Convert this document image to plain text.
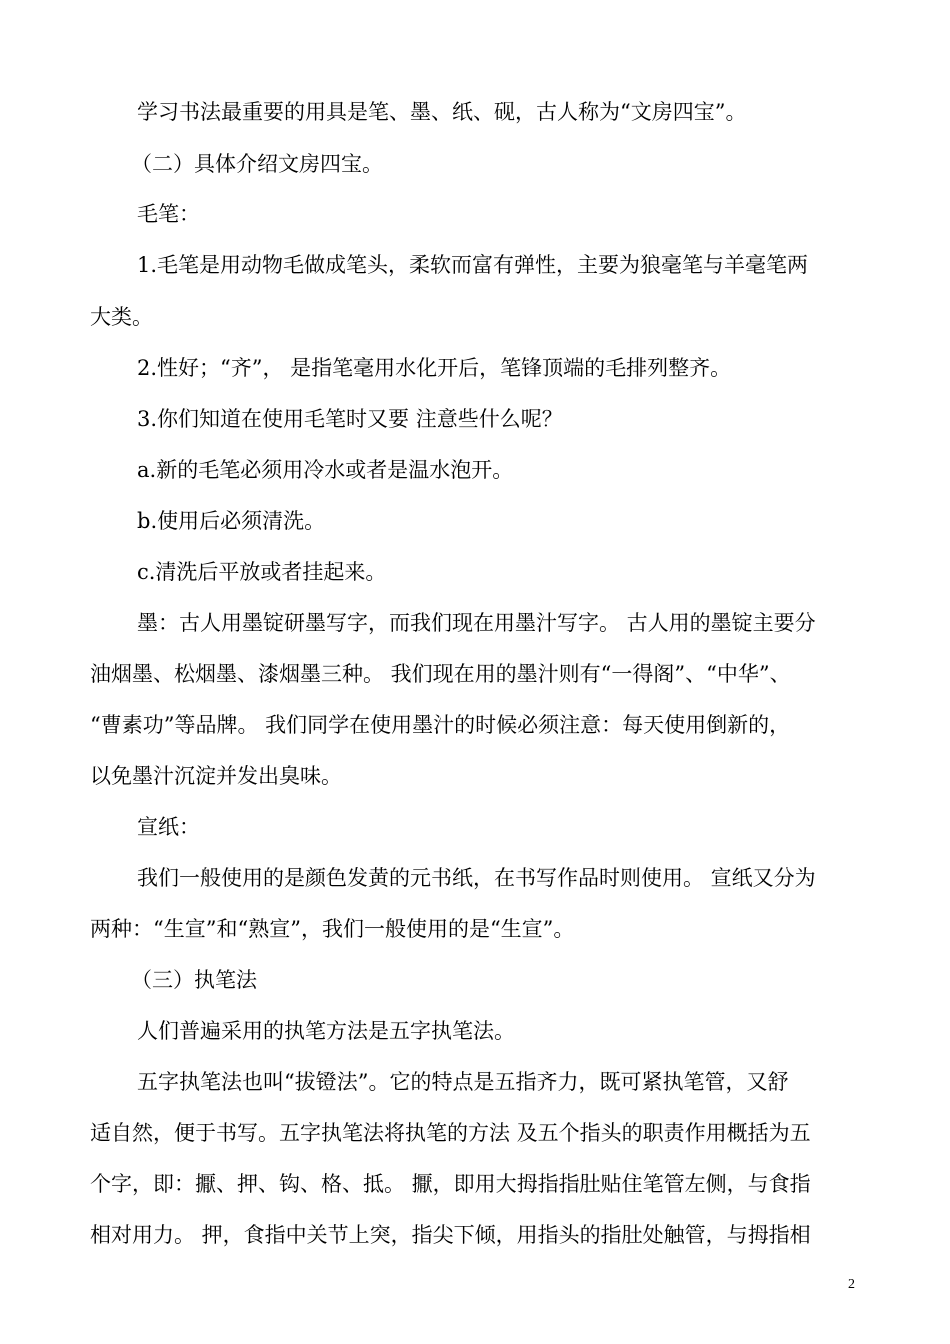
学习书法最重要的用具是笔、墨、纸、砚，古人称为“文房四宝”。
（二）具体介绍文房四宝。
毛笔：
1.毛笔是用动物毛做成笔头，柔软而富有弹性，主要为狼毫笔与羊毫笔两
大类。
2.性好；“齐”， 是指笔毫用水化开后，笔锋顶端的毛排列整齐。
3.你们知道在使用毛笔时又要 注意些什么呢？
a.新的毛笔必须用冷水或者是温水泡开。
b.使用后必须清洗。
c.清洗后平放或者挂起来。
墨：古人用墨锭研墨写字，而我们现在用墨汁写字。 古人用的墨锭主要分
油烟墨、松烟墨、漆烟墨三种。 我们现在用的墨汁则有“一得阁”、“中华”、
“曹素功”等品牌。 我们同学在使用墨汁的时候必须注意：每天使用倒新的，
以免墨汁沉淀并发出臭味。
宣纸：
我们一般使用的是颜色发黄的元书纸，在书写作品时则使用。 宣纸又分为
两种：“生宣”和“熟宣”，我们一般使用的是“生宣”。
（三）执笔法
人们普遍采用的执笔方法是五字执笔法。
五字执笔法也叫“拔镫法”。它的特点是五指齐力，既可紧执笔管，又舒
适自然，便于书写。五字执笔法将执笔的方法 及五个指头的职责作用概括为五
个字，即：擫、押、钩、格、抵。 擫，即用大拇指指肚贴住笔管左侧，与食指
相对用力。 押，食指中关节上突，指尖下倾，用指头的指肚处触管，与拇指相
2
